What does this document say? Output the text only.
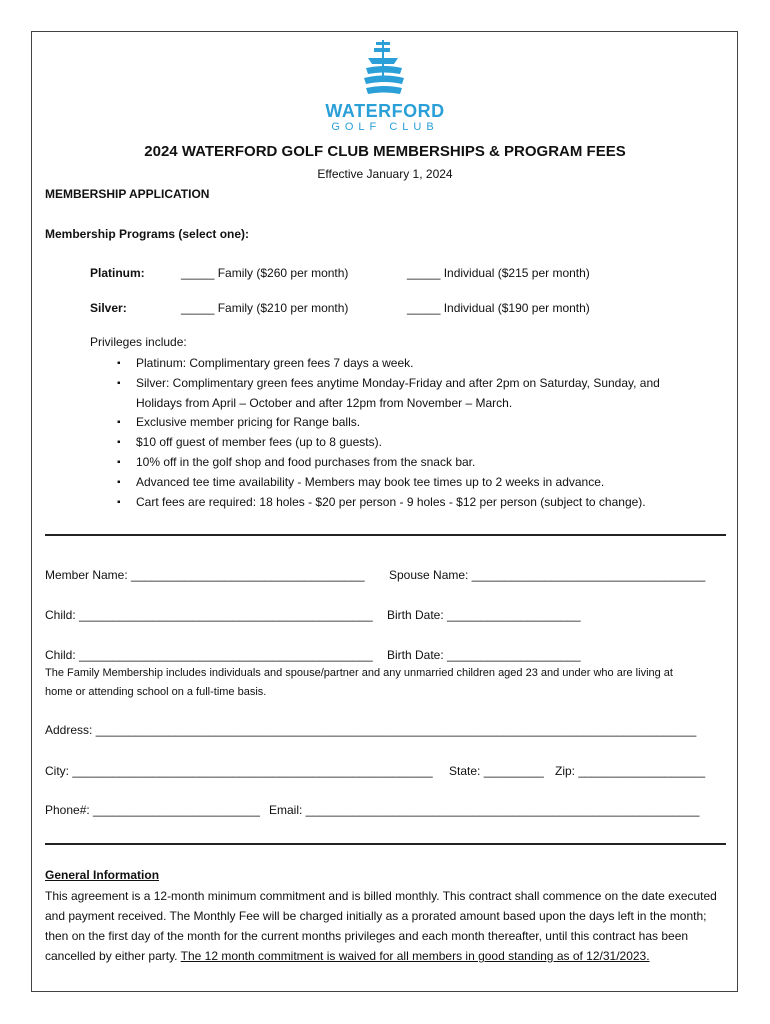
WATERFORD
GOLF CLUB
2024 WATERFORD GOLF CLUB MEMBERSHIPS & PROGRAM FEES
Effective January 1, 2024
MEMBERSHIP APPLICATION
Membership Programs (select one):
Platinum:	_____ Family ($260 per month)	_____ Individual ($215 per month)
Silver:	_____ Family ($210 per month)	_____ Individual ($190 per month)
Privileges include:
▪ Platinum: Complimentary green fees 7 days a week.
▪ Silver: Complimentary green fees anytime Monday-Friday and after 2pm on Saturday, Sunday, and Holidays from April – October and after 12pm from November – March.
▪ Exclusive member pricing for Range balls.
▪ $10 off guest of member fees (up to 8 guests).
▪ 10% off in the golf shop and food purchases from the snack bar.
▪ Advanced tee time availability - Members may book tee times up to 2 weeks in advance.
▪ Cart fees are required: 18 holes - $20 per person - 9 holes - $12 per person (subject to change).
Member Name: ___________________________________ Spouse Name: ___________________________________
Child: ____________________________________________ Birth Date: ____________________
Child: ____________________________________________ Birth Date: ____________________
The Family Membership includes individuals and spouse/partner and any unmarried children aged 23 and under who are living at
home or attending school on a full-time basis.
Address: __________________________________________________________________________________________
City: ______________________________________________________ State: _________ Zip: ___________________
Phone#: _________________________ Email: ___________________________________________________________
General Information
This agreement is a 12-month minimum commitment and is billed monthly. This contract shall commence on the date executed and payment received. The Monthly Fee will be charged initially as a prorated amount based upon the days left in the month; then on the first day of the month for the current months privileges and each month thereafter, until this contract has been cancelled by either party. The 12 month commitment is waived for all members in good standing as of 12/31/2023.
